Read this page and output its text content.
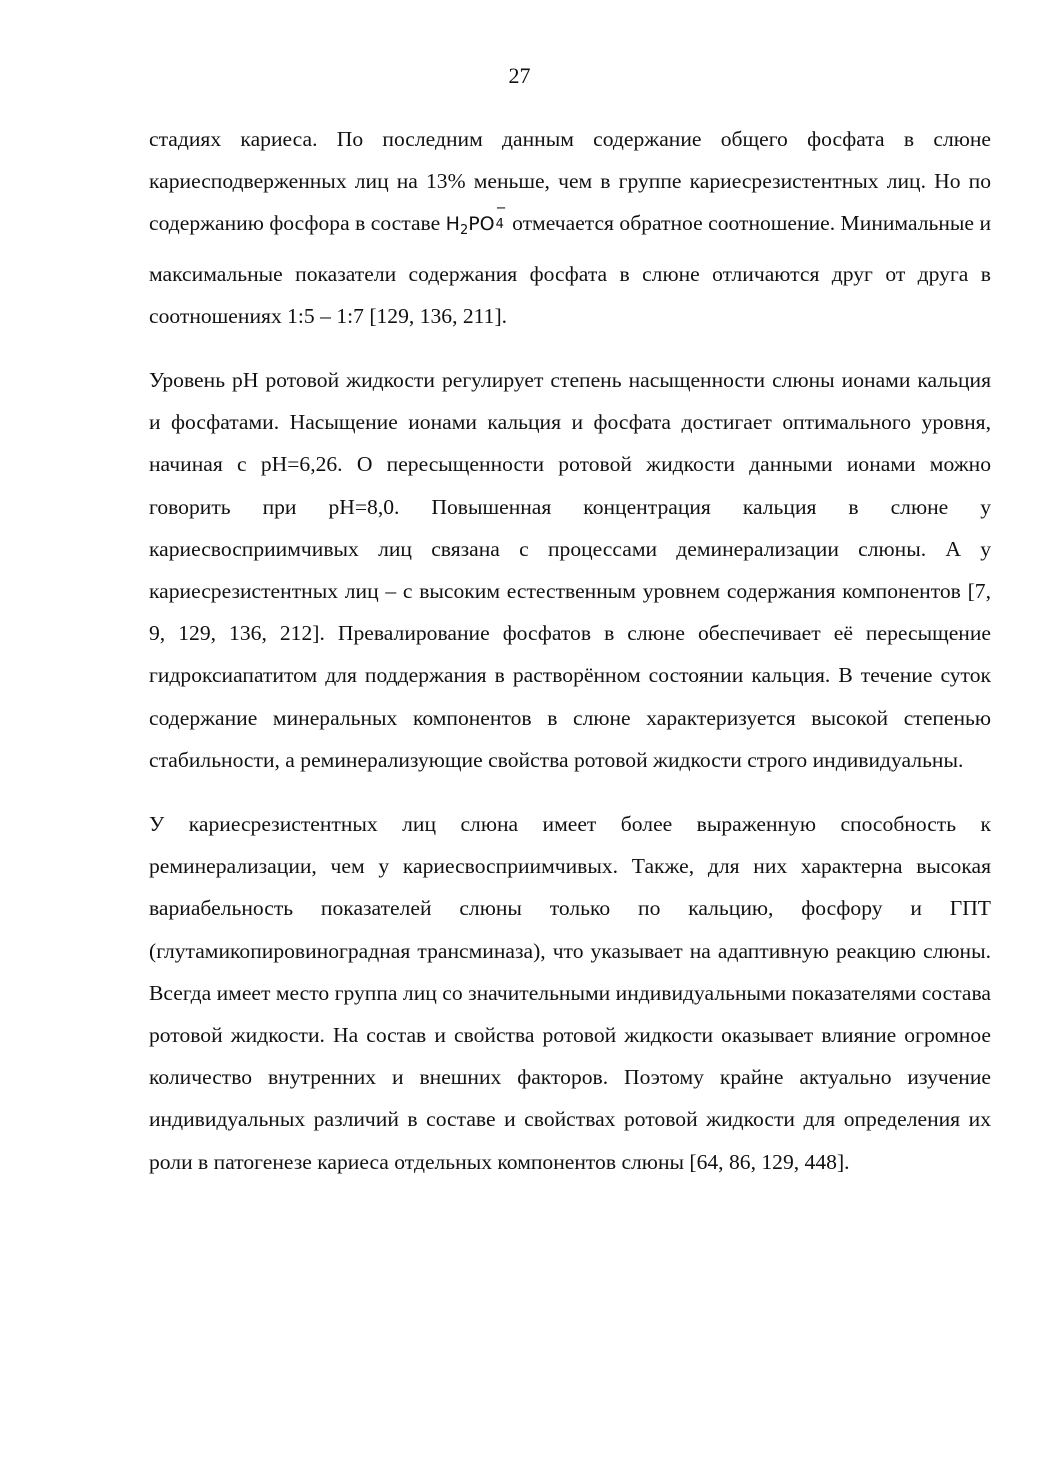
27

стадиях кариеса. По последним данным содержание общего фосфата в слюне кариесподверженных лиц на 13% меньше, чем в группе кариесрезистентных лиц. Но по содержанию фосфора в составе $H_2PO$
−
4 отмечается обратное соотношение. Минимальные и максимальные показатели содержания фосфата в слюне отличаются друг от друга в соотношениях 1:5 – 1:7 [129, 136, 211].

Уровень pH ротовой жидкости регулирует степень насыщенности слюны ионами кальция и фосфатами. Насыщение ионами кальция и фосфата достигает оптимального уровня, начиная с pH=6,26. О пересыщенности ротовой жидкости данными ионами можно говорить при pH=8,0. Повышенная концентрация кальция в слюне у кариесвосприимчивых лиц связана с процессами деминерализации слюны. А у кариесрезистентных лиц – с высоким естественным уровнем содержания компонентов [7, 9, 129, 136, 212]. Превалирование фосфатов в слюне обеспечивает её пересыщение гидроксиапатитом для поддержания в растворённом состоянии кальция. В течение суток содержание минеральных компонентов в слюне характеризуется высокой степенью стабильности, а реминерализующие свойства ротовой жидкости строго индивидуальны.

У кариесрезистентных лиц слюна имеет более выраженную способность к реминерализации, чем у кариесвосприимчивых. Также, для них характерна высокая вариабельность показателей слюны только по кальцию, фосфору и ГПТ (глутамикопировиноградная трансминаза), что указывает на адаптивную реакцию слюны. Всегда имеет место группа лиц со значительными индивидуальными показателями состава ротовой жидкости. На состав и свойства ротовой жидкости оказывает влияние огромное количество внутренних и внешних факторов. Поэтому крайне актуально изучение индивидуальных различий в составе и свойствах ротовой жидкости для определения их роли в патогенезе кариеса отдельных компонентов слюны [64, 86, 129, 448].
